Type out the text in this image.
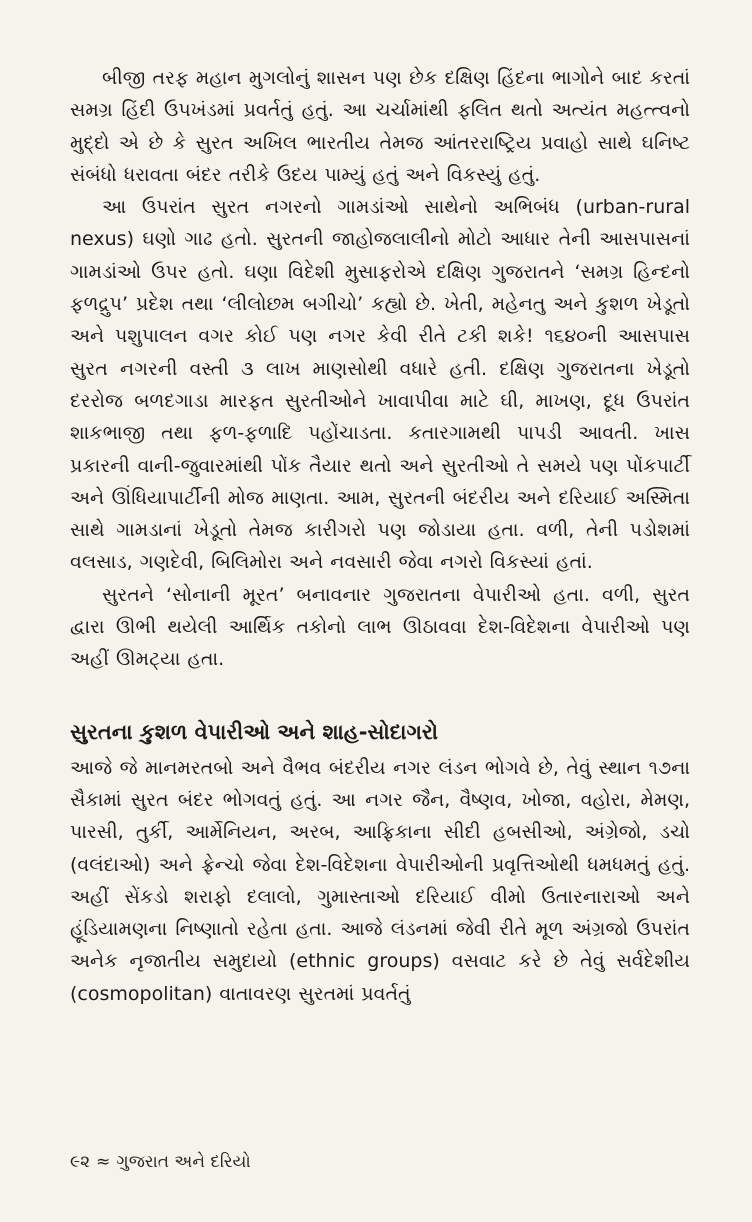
બીજી તરફ મહાન મુગલોનું શાસન પણ છેક દક્ષિણ હિંદના ભાગોને બાદ કરતાં સમગ્ર હિંદી ઉપખંડમાં પ્રવર્તતું હતું. આ ચર્ચામાંથી ફલિત થતો અત્યંત મહત્ત્વનો મુદ્દો એ છે કે સુરત અખિલ ભારતીય તેમજ આંતરરાષ્ટ્રિય પ્રવાહો સાથે ઘનિષ્ટ સંબંધો ધરાવતા બંદર તરીકે ઉદય પામ્યું હતું અને વિકસ્યું હતું.

આ ઉપરાંત સુરત નગરનો ગામડાંઓ સાથેનો અભિબંધ (urban-rural nexus) ઘણો ગાઢ હતો. સુરતની જાહોજલાલીનો મોટો આધાર તેની આસપાસનાં ગામડાંઓ ઉપર હતો. ઘણા વિદેશી મુસાફરોએ દક્ષિણ ગુજરાતને ‘સમગ્ર હિન્દનો ફળદ્રુપ’ પ્રદેશ તથા ‘લીલોછમ બગીચો’ કહ્યો છે. ખેતી, મહેનતુ અને કુશળ ખેડૂતો અને પશુપાલન વગર કોઈ પણ નગર કેવી રીતે ટકી શકે! ૧૬૪૦ની આસપાસ સુરત નગરની વસ્તી ૩ લાખ માણસોથી વધારે હતી. દક્ષિણ ગુજરાતના ખેડૂતો દરરોજ બળદગાડા મારફત સુરતીઓને ખાવાપીવા માટે ઘી, માખણ, દૂધ ઉપરાંત શાકભાજી તથા ફળ-ફળાદિ પહોંચાડતા. કતારગામથી પાપડી આવતી. ખાસ પ્રકારની વાની-જુવારમાંથી પોંક તૈયાર થતો અને સુરતીઓ તે સમયે પણ પોંકપાર્ટી અને ઊંધિયાપાર્ટીની મોજ માણતા. આમ, સુરતની બંદરીય અને દરિયાઈ અસ્મિતા સાથે ગામડાનાં ખેડૂતો તેમજ કારીગરો પણ જોડાયા હતા. વળી, તેની પડોશમાં વલસાડ, ગણદેવી, બિલિમોરા અને નવસારી જેવા નગરો વિકસ્યાં હતાં.

સુરતને ‘સોનાની મૂરત’ બનાવનાર ગુજરાતના વેપારીઓ હતા. વળી, સુરત દ્વારા ઊભી થયેલી આર્થિક તકોનો લાભ ઊઠાવવા દેશ-વિદેશના વેપારીઓ પણ અહીં ઊમટ્યા હતા.

સુરતના કુશળ વેપારીઓ અને શાહ-સોદાગરો

આજે જે માનમરતબો અને વૈભવ બંદરીય નગર લંડન ભોગવે છે, તેવું સ્થાન ૧૭ના સૈકામાં સુરત બંદર ભોગવતું હતું. આ નગર જૈન, વૈષ્ણવ, ખોજા, વહોરા, મેમણ, પારસી, તુર્કી, આર્મેનિયન, અરબ, આફ્રિકાના સીદી હબસીઓ, અંગ્રેજો, ડચો (વલંદાઓ) અને ફ્રેન્ચો જેવા દેશ-વિદેશના વેપારીઓની પ્રવૃત્તિઓથી ધમધમતું હતું. અહીં સેંકડો શરાફો દલાલો, ગુમાસ્તાઓ દરિયાઈ વીમો ઉતારનારાઓ અને હૂંડિયામણના નિષ્ણાતો રહેતા હતા. આજે લંડનમાં જેવી રીતે મૂળ અંગ્રજો ઉપરાંત અનેક નૃજાતીય સમુદાયો (ethnic groups) વસવાટ કરે છે તેવું સર્વદેશીય (cosmopolitan) વાતાવરણ સુરતમાં પ્રવર્તતું

૯૨ ≈ ગુજરાત અને દરિયો
